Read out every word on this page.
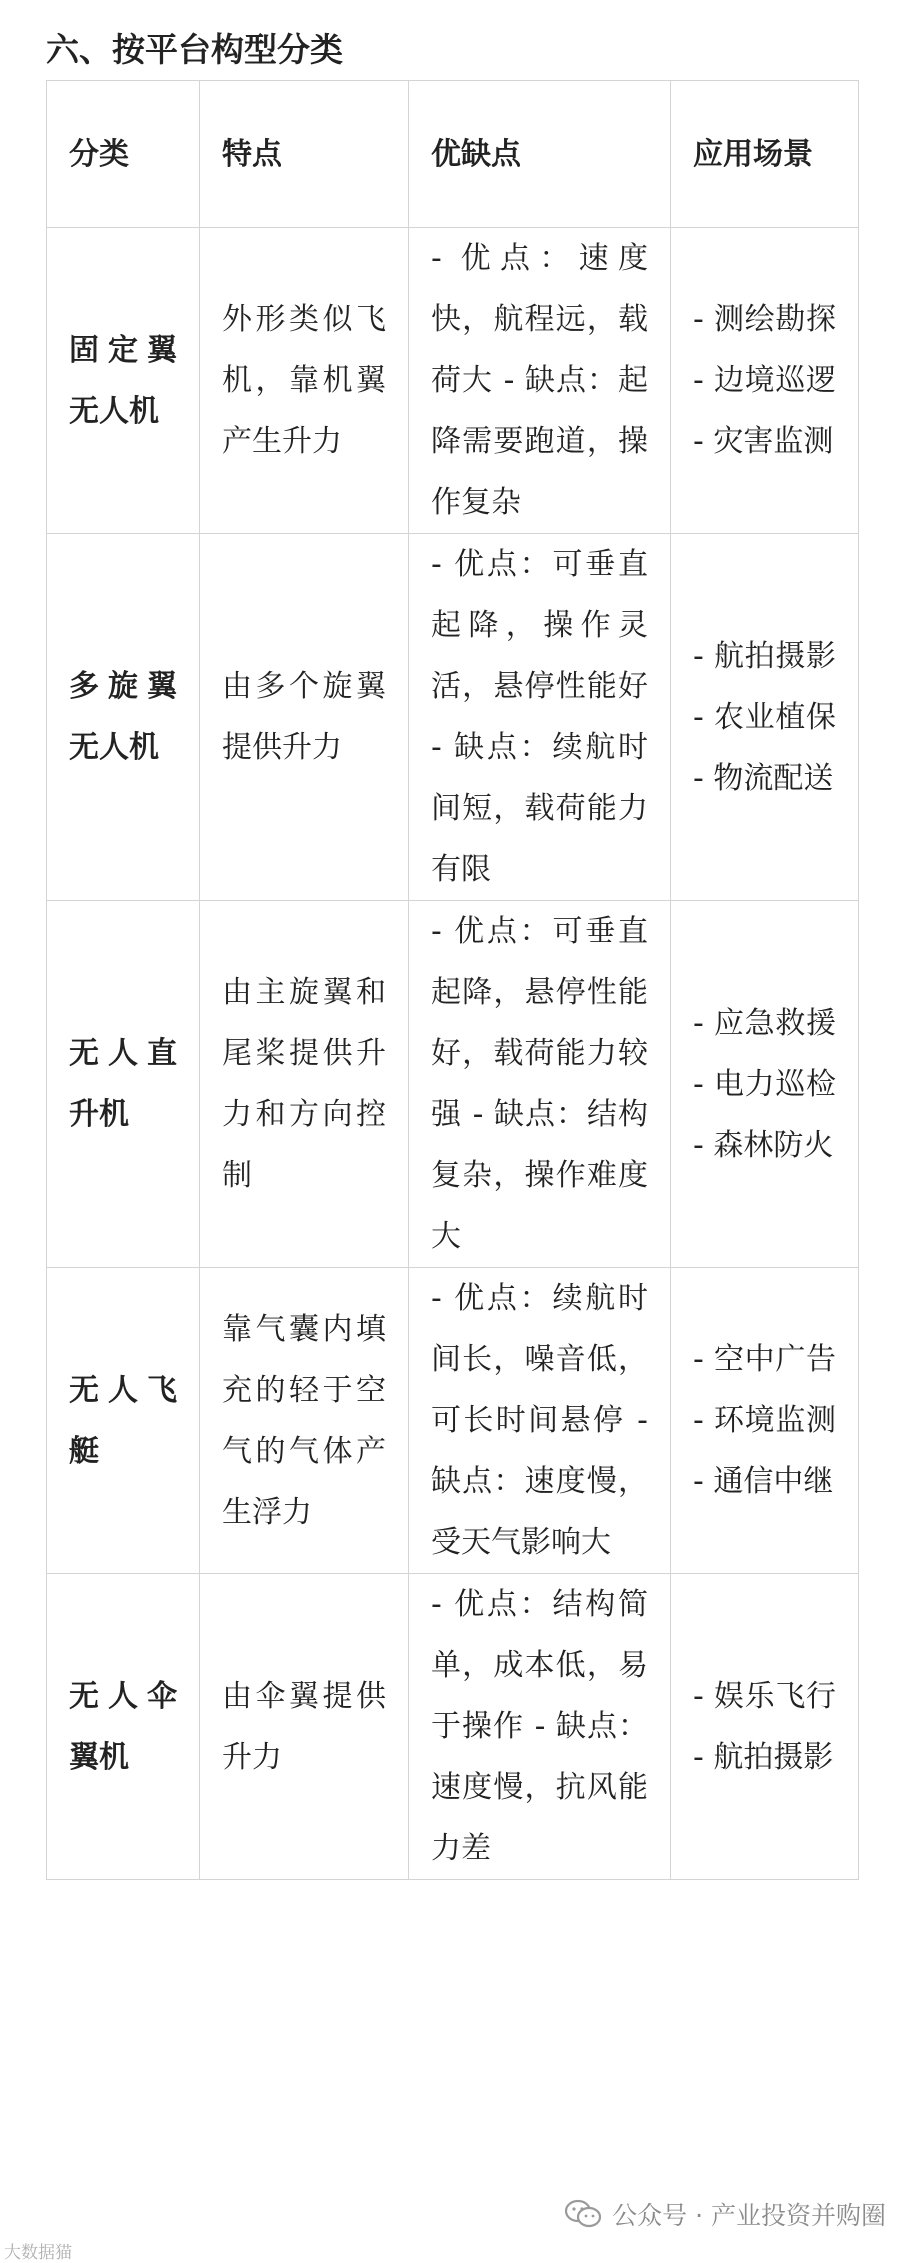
六、按平台构型分类
分类	特点	优缺点	应用场景
固定翼无人机	外形类似飞机，靠机翼产生升力	- 优点：速度快，航程远，载荷大 - 缺点：起降需要跑道，操作复杂	- 测绘勘探 - 边境巡逻 - 灾害监测
多旋翼无人机	由多个旋翼提供升力	- 优点：可垂直起降，操作灵活，悬停性能好 - 缺点：续航时间短，载荷能力有限	- 航拍摄影 - 农业植保 - 物流配送
无人直升机	由主旋翼和尾桨提供升力和方向控制	- 优点：可垂直起降，悬停性能好，载荷能力较强 - 缺点：结构复杂，操作难度大	- 应急救援 - 电力巡检 - 森林防火
无人飞艇	靠气囊内填充的轻于空气的气体产生浮力	- 优点：续航时间长，噪音低，可长时间悬停 - 缺点：速度慢，受天气影响大	- 空中广告 - 环境监测 - 通信中继
无人伞翼机	由伞翼提供升力	- 优点：结构简单，成本低，易于操作 - 缺点：速度慢，抗风能力差	- 娱乐飞行 - 航拍摄影
公众号 · 产业投资并购圈
大数据猫
